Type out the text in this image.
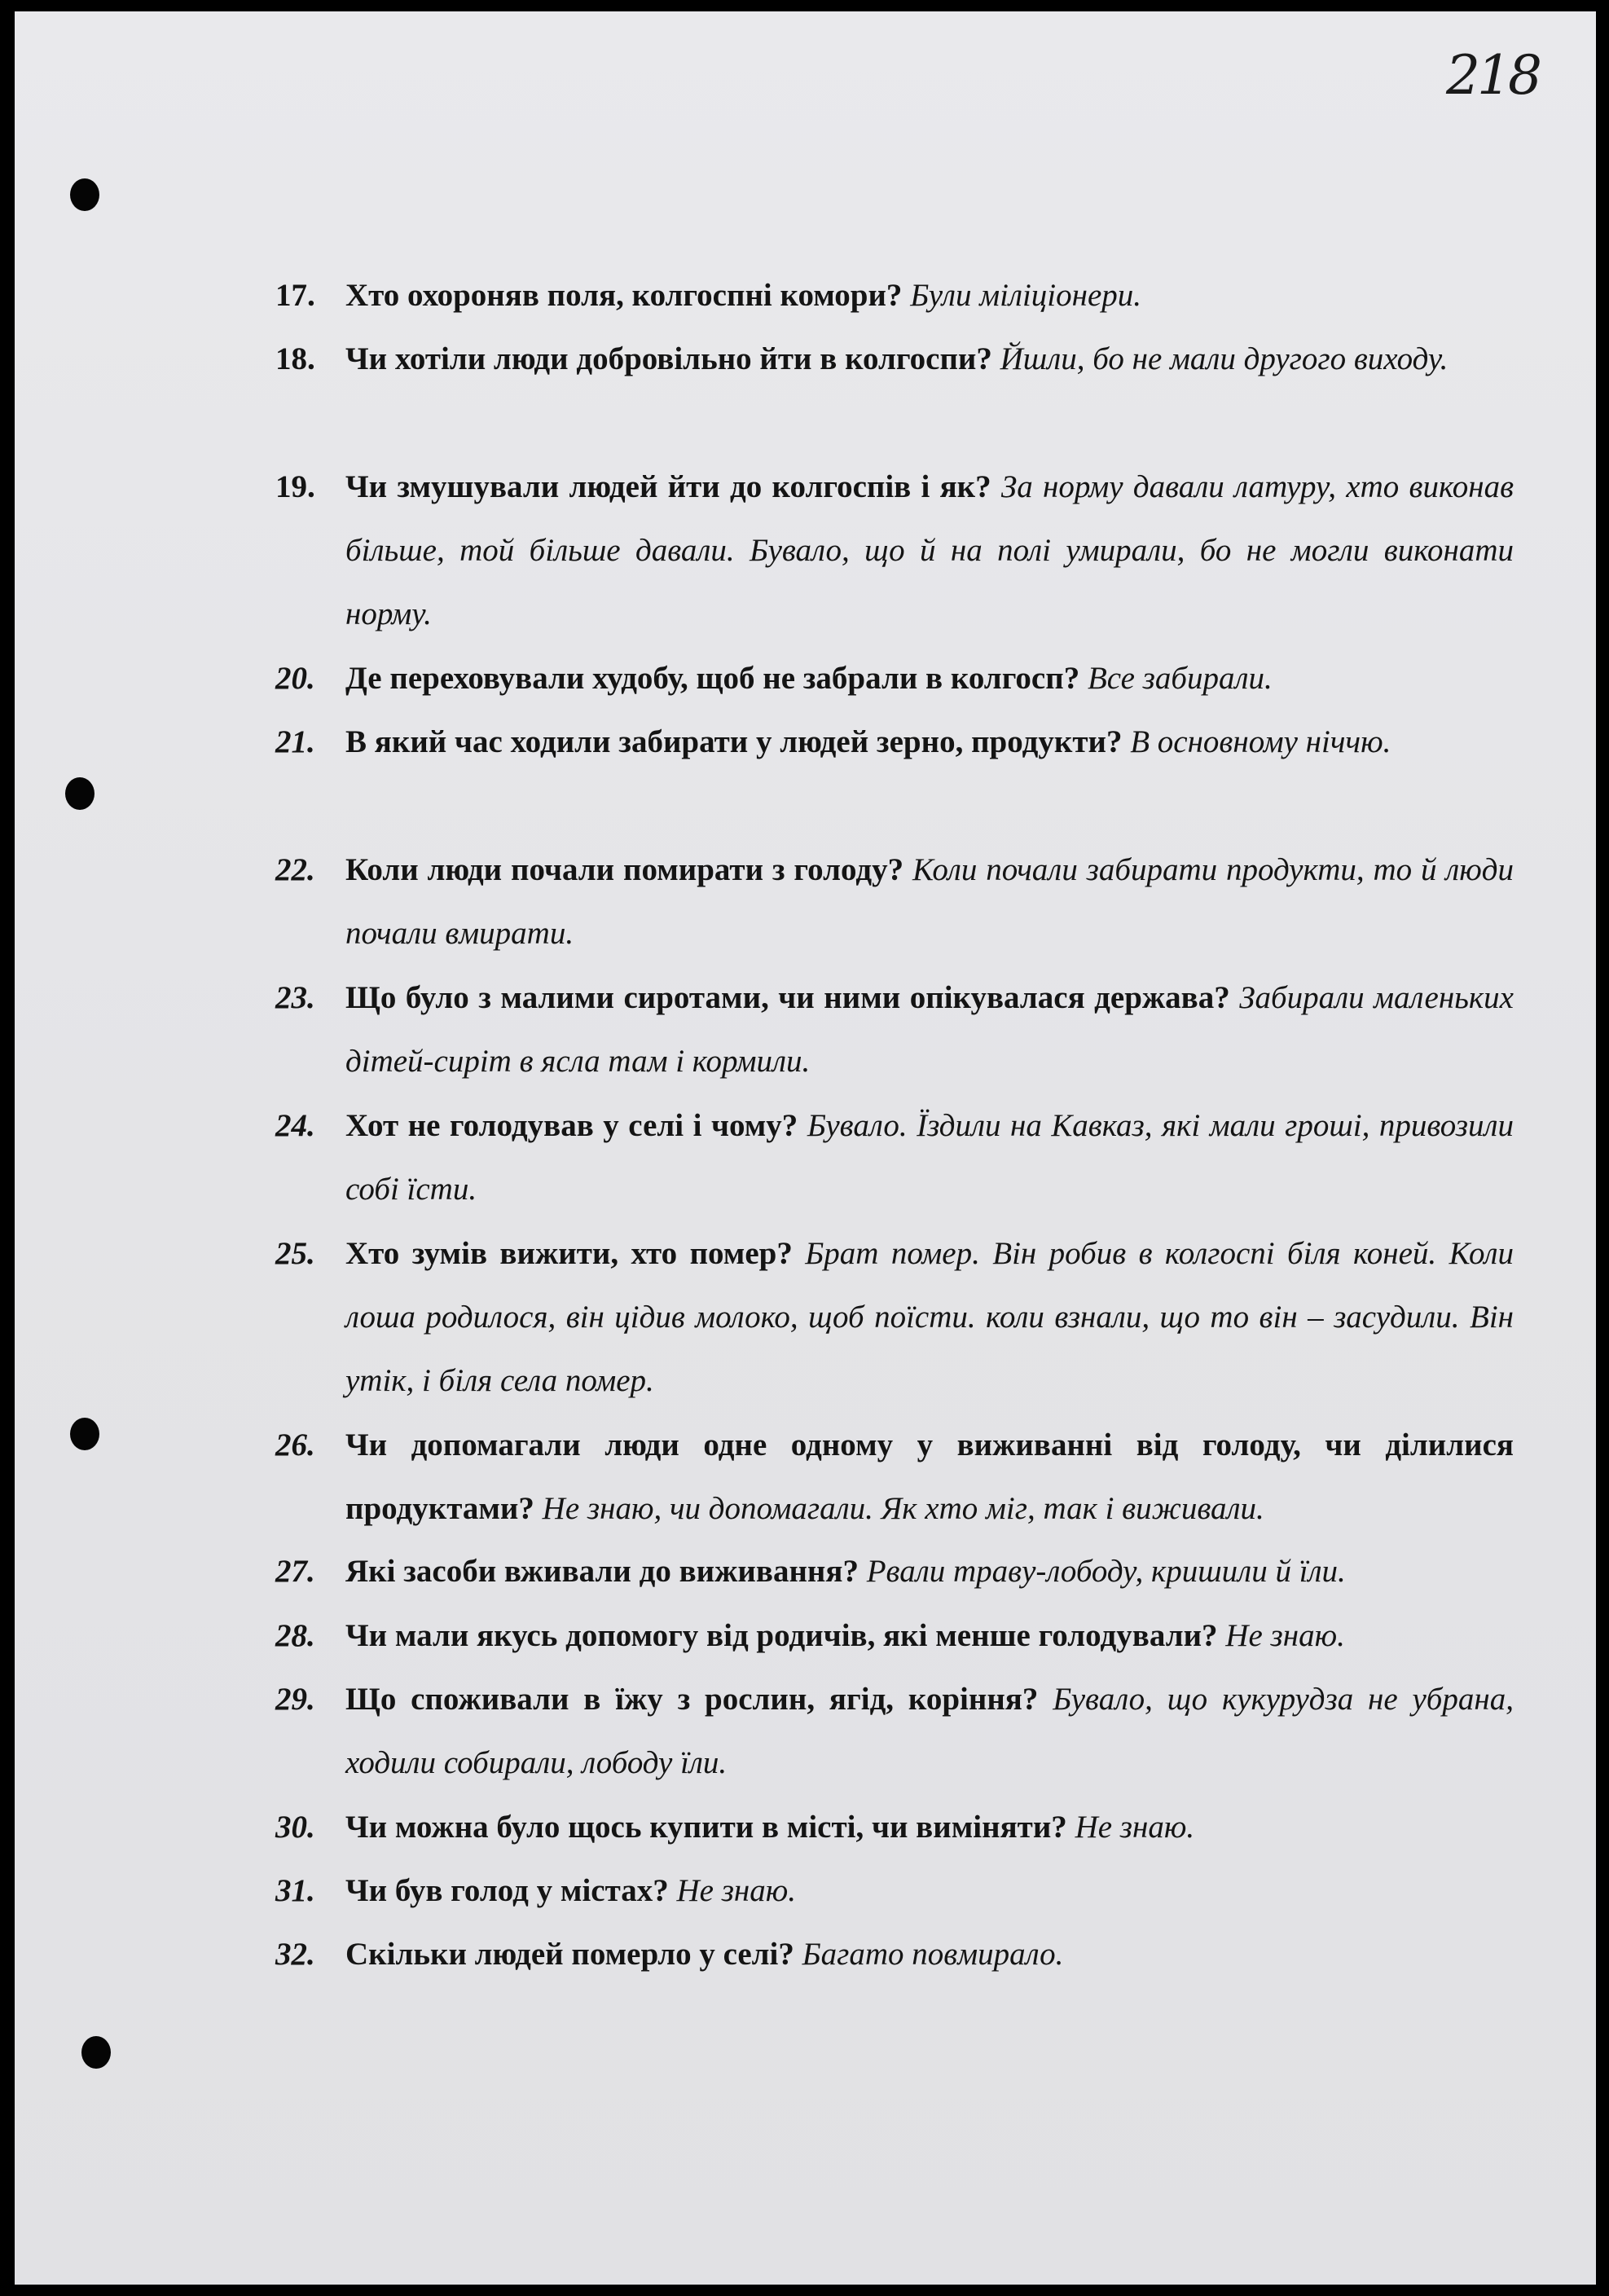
218
17. Хто охороняв поля, колгоспні комори? Були міліціонери.
18. Чи хотіли люди добровільно йти в колгоспи? Йшли, бо не мали другого виходу.
19. Чи змушували людей йти до колгоспів і як? За норму давали латуру, хто виконав більше, той більше давали. Бувало, що й на полі умирали, бо не могли виконати норму.
20. Де переховували худобу, щоб не забрали в колгосп? Все забирали.
21. В який час ходили забирати у людей зерно, продукти? В основному ніччю.
22. Коли люди почали помирати з голоду? Коли почали забирати продукти, то й люди почали вмирати.
23. Що було з малими сиротами, чи ними опікувалася держава? Забирали маленьких дітей-сиріт в ясла там і кормили.
24. Хот не голодував у селі і чому? Бувало. Їздили на Кавказ, які мали гроші, привозили собі їсти.
25. Хто зумів вижити, хто помер? Брат помер. Він робив в колгоспі біля коней. Коли лоша родилося, він цідив молоко, щоб поїсти. коли взнали, що то він – засудили. Він утік, і біля села помер.
26. Чи допомагали люди одне одному у виживанні від голоду, чи ділилися продуктами? Не знаю, чи допомагали. Як хто міг, так і виживали.
27. Які засоби вживали до виживання? Рвали траву-лободу, кришили й їли.
28. Чи мали якусь допомогу від родичів, які менше голодували? Не знаю.
29. Що споживали в їжу з рослин, ягід, коріння? Бувало, що кукурудза не убрана, ходили собирали, лободу їли.
30. Чи можна було щось купити в місті, чи виміняти? Не знаю.
31. Чи був голод у містах? Не знаю.
32. Скільки людей померло у селі? Багато повмирало.
